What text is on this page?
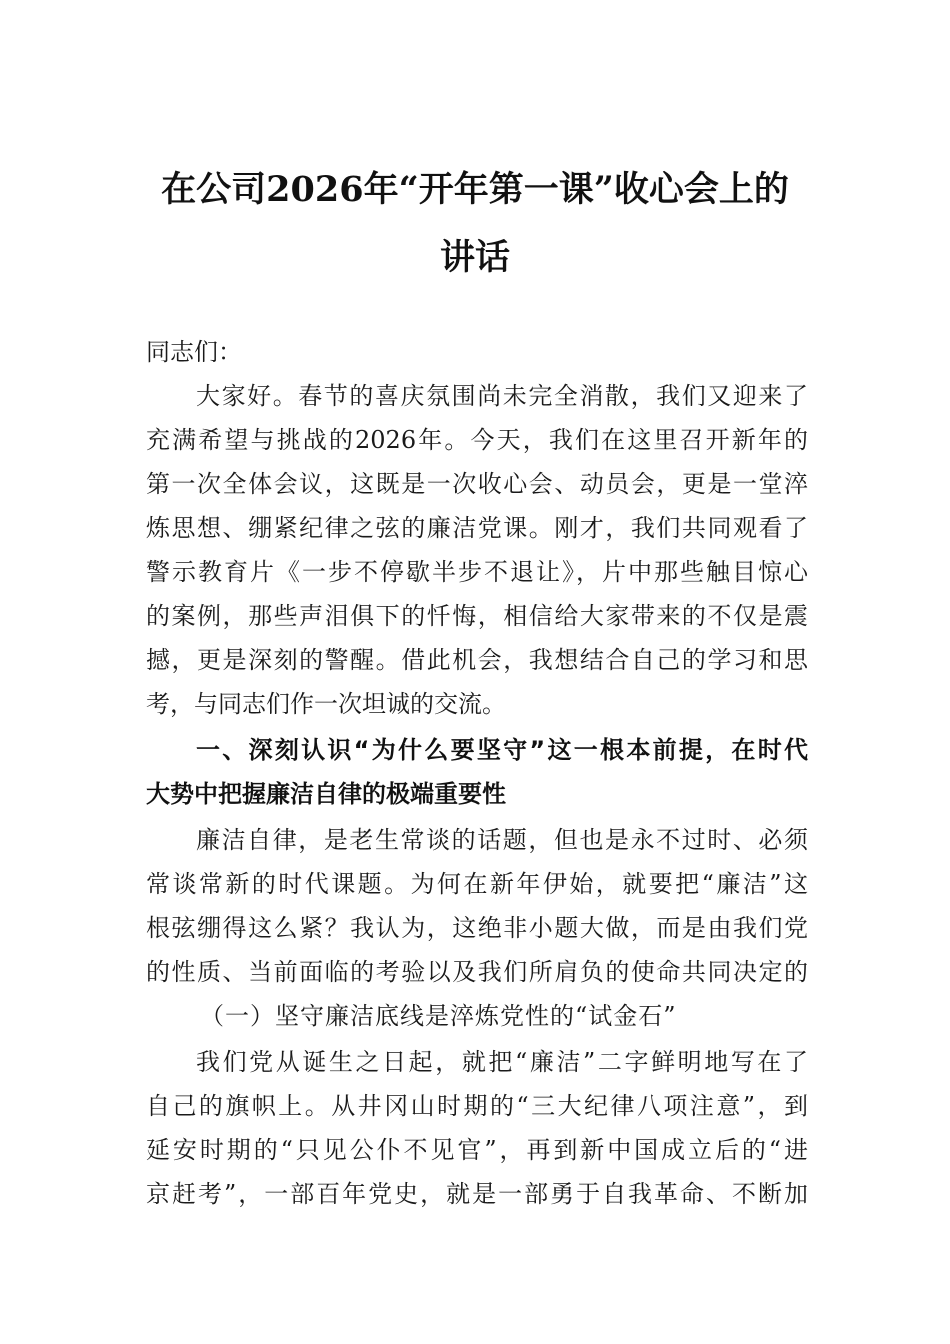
在公司2026年“开年第一课”收心会上的
讲话
同志们：
大家好。春节的喜庆氛围尚未完全消散，我们又迎来了
充满希望与挑战的2026年。今天，我们在这里召开新年的
第一次全体会议，这既是一次收心会、动员会，更是一堂淬
炼思想、绷紧纪律之弦的廉洁党课。刚才，我们共同观看了
警示教育片《一步不停歇半步不退让》，片中那些触目惊心
的案例，那些声泪俱下的忏悔，相信给大家带来的不仅是震
撼，更是深刻的警醒。借此机会，我想结合自己的学习和思
考，与同志们作一次坦诚的交流。
一、深刻认识“为什么要坚守”这一根本前提，在时代
大势中把握廉洁自律的极端重要性
廉洁自律，是老生常谈的话题，但也是永不过时、必须
常谈常新的时代课题。为何在新年伊始，就要把“廉洁”这
根弦绷得这么紧？我认为，这绝非小题大做，而是由我们党
的性质、当前面临的考验以及我们所肩负的使命共同决定的
（一）坚守廉洁底线是淬炼党性的“试金石”
我们党从诞生之日起，就把“廉洁”二字鲜明地写在了
自己的旗帜上。从井冈山时期的“三大纪律八项注意”，到
延安时期的“只见公仆不见官”，再到新中国成立后的“进
京赶考”，一部百年党史，就是一部勇于自我革命、不断加
